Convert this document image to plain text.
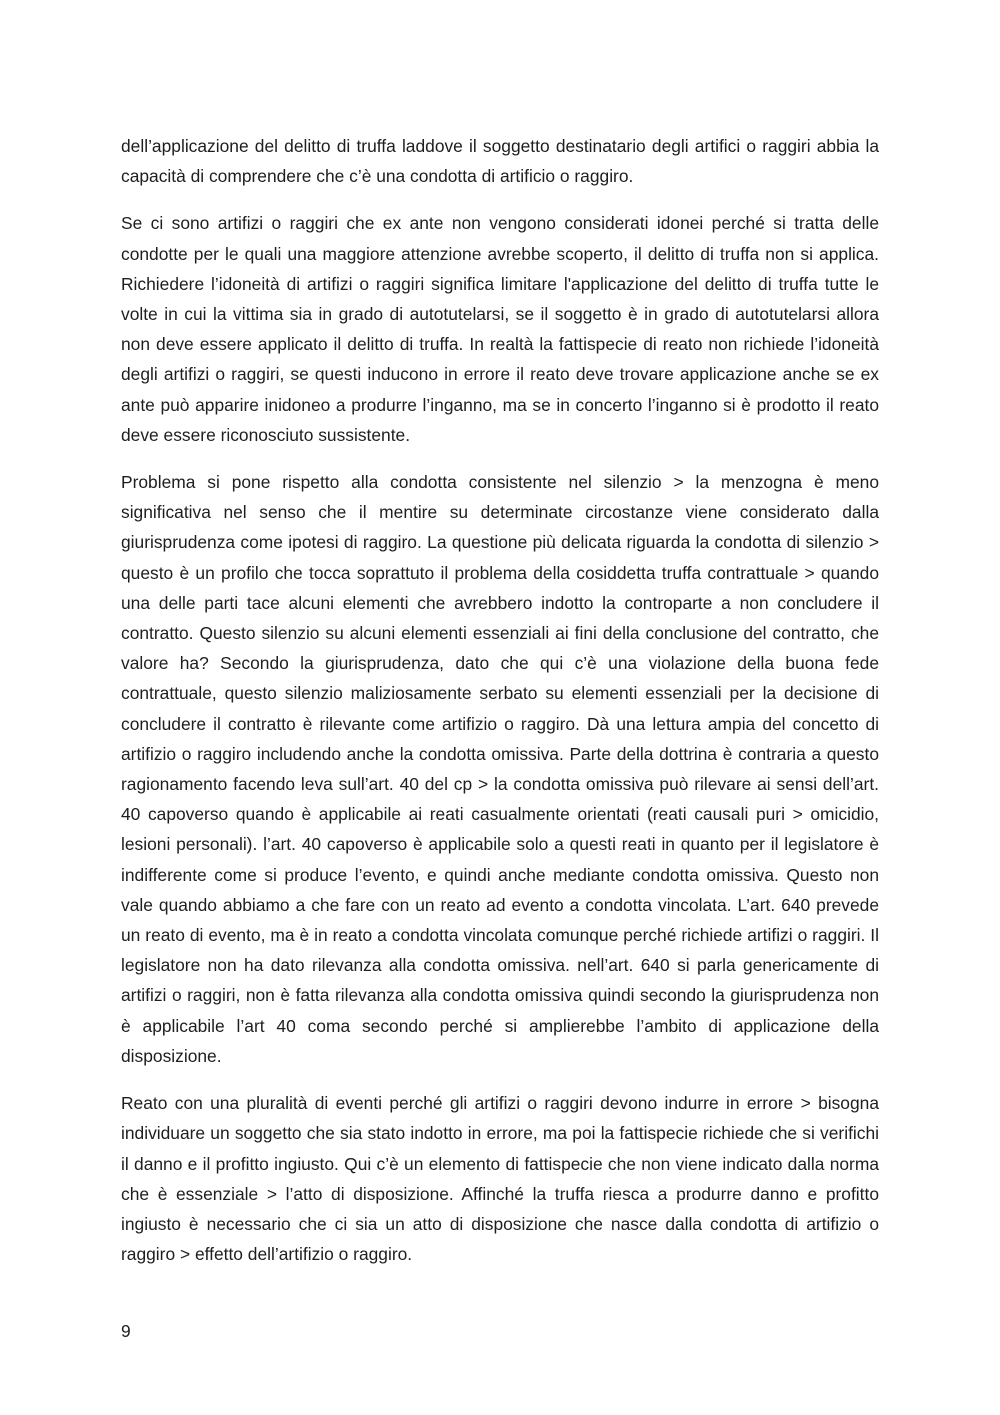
dell’applicazione del delitto di truffa laddove il soggetto destinatario degli artifici o raggiri abbia la capacità di comprendere che c’è una condotta di artificio o raggiro.

Se ci sono artifizi o raggiri che ex ante non vengono considerati idonei perché si tratta delle condotte per le quali una maggiore attenzione avrebbe scoperto, il delitto di truffa non si applica. Richiedere l’idoneità di artifizi o raggiri significa limitare l'applicazione del delitto di truffa tutte le volte in cui la vittima sia in grado di autotutelarsi, se il soggetto è in grado di autotutelarsi allora non deve essere applicato il delitto di truffa. In realtà la fattispecie di reato non richiede l’idoneità degli artifizi o raggiri, se questi inducono in errore il reato deve trovare applicazione anche se ex ante può apparire inidoneo a produrre l’inganno, ma se in concerto l’inganno si è prodotto il reato deve essere riconosciuto sussistente.

Problema si pone rispetto alla condotta consistente nel silenzio > la menzogna è meno significativa nel senso che il mentire su determinate circostanze viene considerato dalla giurisprudenza come ipotesi di raggiro. La questione più delicata riguarda la condotta di silenzio > questo è un profilo che tocca soprattuto il problema della cosiddetta truffa contrattuale > quando una delle parti tace alcuni elementi che avrebbero indotto la controparte a non concludere il contratto. Questo silenzio su alcuni elementi essenziali ai fini della conclusione del contratto, che valore ha? Secondo la giurisprudenza, dato che qui c’è una violazione della buona fede contrattuale, questo silenzio maliziosamente serbato su elementi essenziali per la decisione di concludere il contratto è rilevante come artifizio o raggiro. Dà una lettura ampia del concetto di artifizio o raggiro includendo anche la condotta omissiva. Parte della dottrina è contraria a questo ragionamento facendo leva sull’art. 40 del cp > la condotta omissiva può rilevare ai sensi dell’art. 40 capoverso quando è applicabile ai reati casualmente orientati (reati causali puri > omicidio, lesioni personali). l’art. 40 capoverso è applicabile solo a questi reati in quanto per il legislatore è indifferente come si produce l’evento, e quindi anche mediante condotta omissiva. Questo non vale quando abbiamo a che fare con un reato ad evento a condotta vincolata. L’art. 640 prevede un reato di evento, ma è in reato a condotta vincolata comunque perché richiede artifizi o raggiri. Il legislatore non ha dato rilevanza alla condotta omissiva. nell’art. 640 si parla genericamente di artifizi o raggiri, non è fatta rilevanza alla condotta omissiva quindi secondo la giurisprudenza non è applicabile l’art 40 coma secondo perché si amplierebbe l’ambito di applicazione della disposizione.

Reato con una pluralità di eventi perché gli artifizi o raggiri devono indurre in errore > bisogna individuare un soggetto che sia stato indotto in errore, ma poi la fattispecie richiede che si verifichi il danno e il profitto ingiusto. Qui c’è un elemento di fattispecie che non viene indicato dalla norma che è essenziale > l’atto di disposizione. Affinché la truffa riesca a produrre danno e profitto ingiusto è necessario che ci sia un atto di disposizione che nasce dalla condotta di artifizio o raggiro > effetto dell’artifizio o raggiro.

9
